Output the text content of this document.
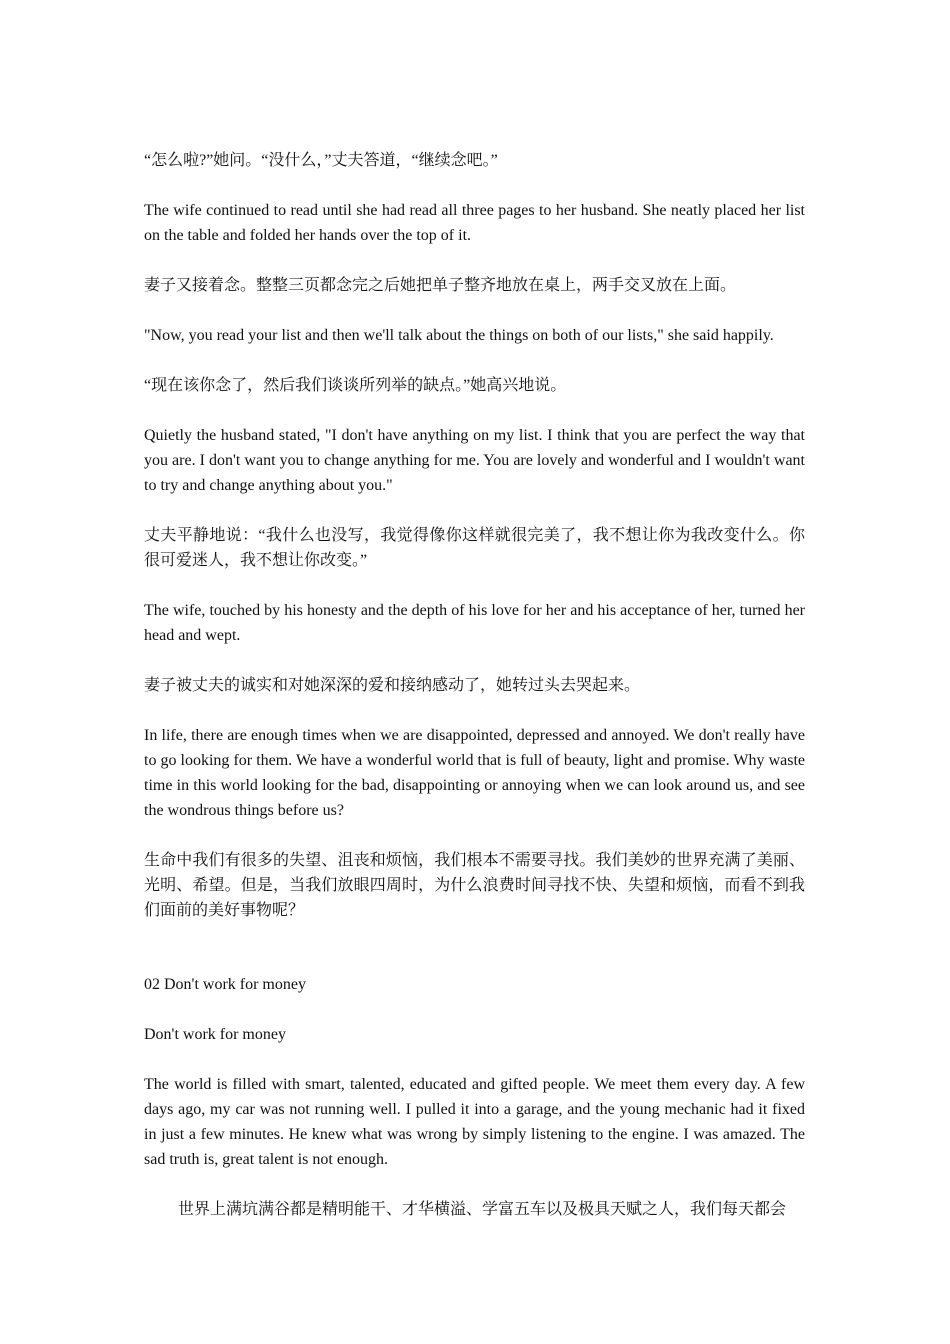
“怎么啦?”她问。“没什么，”丈夫答道，“继续念吧。”

The wife continued to read until she had read all three pages to her husband. She neatly placed her list on the table and folded her hands over the top of it.

妻子又接着念。整整三页都念完之后她把单子整齐地放在桌上，两手交叉放在上面。

"Now, you read your list and then we'll talk about the things on both of our lists," she said happily.

“现在该你念了，然后我们谈谈所列举的缺点。”她高兴地说。

Quietly the husband stated, "I don't have anything on my list. I think that you are perfect the way that you are. I don't want you to change anything for me. You are lovely and wonderful and I wouldn't want to try and change anything about you."

丈夫平静地说：“我什么也没写，我觉得像你这样就很完美了，我不想让你为我改变什么。你很可爱迷人，我不想让你改变。”

The wife, touched by his honesty and the depth of his love for her and his acceptance of her, turned her head and wept.

妻子被丈夫的诚实和对她深深的爱和接纳感动了，她转过头去哭起来。

In life, there are enough times when we are disappointed, depressed and annoyed. We don't really have to go looking for them. We have a wonderful world that is full of beauty, light and promise. Why waste time in this world looking for the bad, disappointing or annoying when we can look around us, and see the wondrous things before us?

生命中我们有很多的失望、沮丧和烦恼，我们根本不需要寻找。我们美妙的世界充满了美丽、光明、希望。但是，当我们放眼四周时，为什么浪费时间寻找不快、失望和烦恼，而看不到我们面前的美好事物呢？

02 Don't work for money

Don't work for money

The world is filled with smart, talented, educated and gifted people. We meet them every day. A few days ago, my car was not running well. I pulled it into a garage, and the young mechanic had it fixed in just a few minutes. He knew what was wrong by simply listening to the engine. I was amazed. The sad truth is, great talent is not enough.

世界上满坑满谷都是精明能干、才华横溢、学富五车以及极具天赋之人，我们每天都会
